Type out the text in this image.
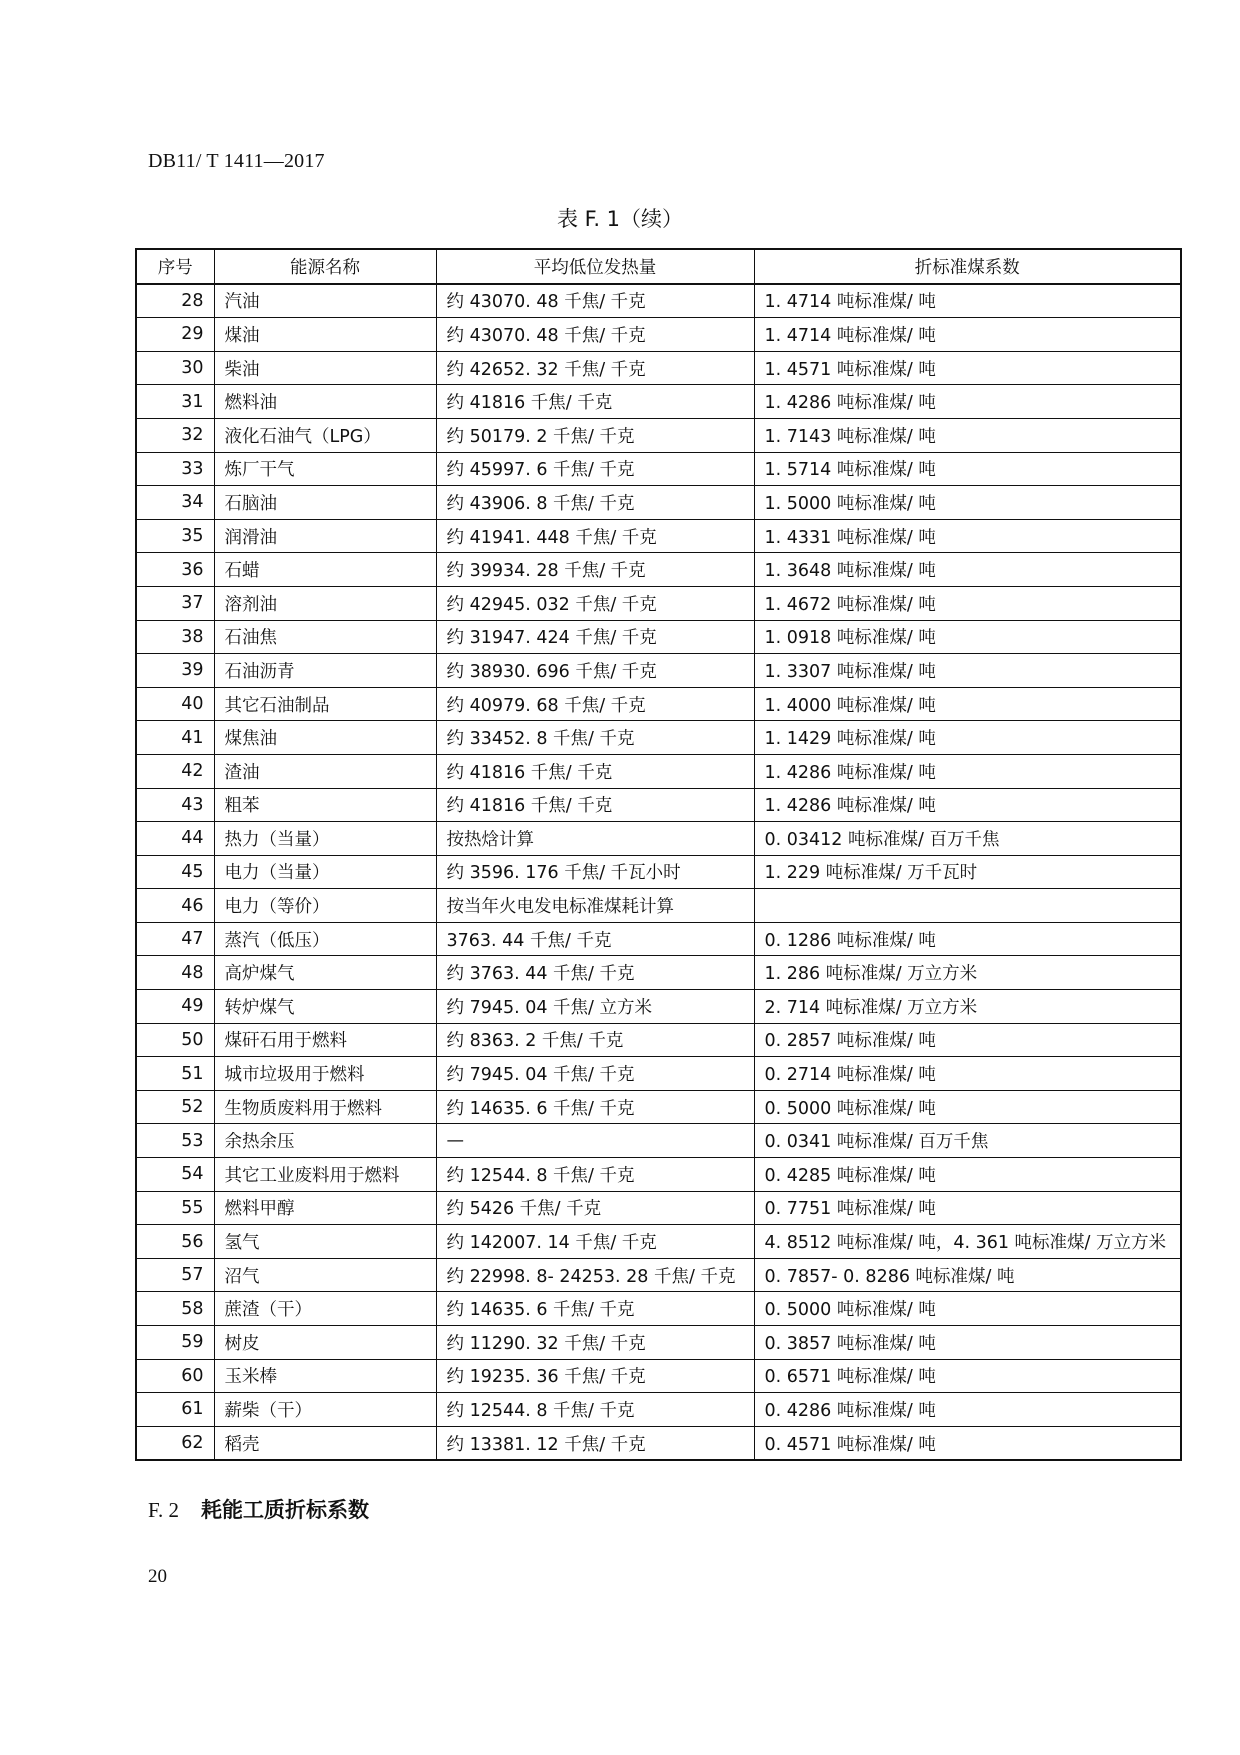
DB11/ T 1411—2017
表 F. 1（续）
序号	能源名称	平均低位发热量	折标准煤系数
28	汽油	约 43070. 48 千焦/ 千克	1. 4714 吨标准煤/ 吨
29	煤油	约 43070. 48 千焦/ 千克	1. 4714 吨标准煤/ 吨
30	柴油	约 42652. 32 千焦/ 千克	1. 4571 吨标准煤/ 吨
31	燃料油	约 41816 千焦/ 千克	1. 4286 吨标准煤/ 吨
32	液化石油气（LPG）	约 50179. 2 千焦/ 千克	1. 7143 吨标准煤/ 吨
33	炼厂干气	约 45997. 6 千焦/ 千克	1. 5714 吨标准煤/ 吨
34	石脑油	约 43906. 8 千焦/ 千克	1. 5000 吨标准煤/ 吨
35	润滑油	约 41941. 448 千焦/ 千克	1. 4331 吨标准煤/ 吨
36	石蜡	约 39934. 28 千焦/ 千克	1. 3648 吨标准煤/ 吨
37	溶剂油	约 42945. 032 千焦/ 千克	1. 4672 吨标准煤/ 吨
38	石油焦	约 31947. 424 千焦/ 千克	1. 0918 吨标准煤/ 吨
39	石油沥青	约 38930. 696 千焦/ 千克	1. 3307 吨标准煤/ 吨
40	其它石油制品	约 40979. 68 千焦/ 千克	1. 4000 吨标准煤/ 吨
41	煤焦油	约 33452. 8 千焦/ 千克	1. 1429 吨标准煤/ 吨
42	渣油	约 41816 千焦/ 千克	1. 4286 吨标准煤/ 吨
43	粗苯	约 41816 千焦/ 千克	1. 4286 吨标准煤/ 吨
44	热力（当量）	按热焓计算	0. 03412 吨标准煤/ 百万千焦
45	电力（当量）	约 3596. 176 千焦/ 千瓦小时	1. 229 吨标准煤/ 万千瓦时
46	电力（等价）	按当年火电发电标准煤耗计算	
47	蒸汽（低压）	3763. 44 千焦/ 千克	0. 1286 吨标准煤/ 吨
48	高炉煤气	约 3763. 44 千焦/ 千克	1. 286 吨标准煤/ 万立方米
49	转炉煤气	约 7945. 04 千焦/ 立方米	2. 714 吨标准煤/ 万立方米
50	煤矸石用于燃料	约 8363. 2 千焦/ 千克	0. 2857 吨标准煤/ 吨
51	城市垃圾用于燃料	约 7945. 04 千焦/ 千克	0. 2714 吨标准煤/ 吨
52	生物质废料用于燃料	约 14635. 6 千焦/ 千克	0. 5000 吨标准煤/ 吨
53	余热余压	—	0. 0341 吨标准煤/ 百万千焦
54	其它工业废料用于燃料	约 12544. 8 千焦/ 千克	0. 4285 吨标准煤/ 吨
55	燃料甲醇	约 5426 千焦/ 千克	0. 7751 吨标准煤/ 吨
56	氢气	约 142007. 14 千焦/ 千克	4. 8512 吨标准煤/ 吨，4. 361 吨标准煤/ 万立方米
57	沼气	约 22998. 8- 24253. 28 千焦/ 千克	0. 7857- 0. 8286 吨标准煤/ 吨
58	蔗渣（干）	约 14635. 6 千焦/ 千克	0. 5000 吨标准煤/ 吨
59	树皮	约 11290. 32 千焦/ 千克	0. 3857 吨标准煤/ 吨
60	玉米棒	约 19235. 36 千焦/ 千克	0. 6571 吨标准煤/ 吨
61	薪柴（干）	约 12544. 8 千焦/ 千克	0. 4286 吨标准煤/ 吨
62	稻壳	约 13381. 12 千焦/ 千克	0. 4571 吨标准煤/ 吨
F. 2 耗能工质折标系数
20
